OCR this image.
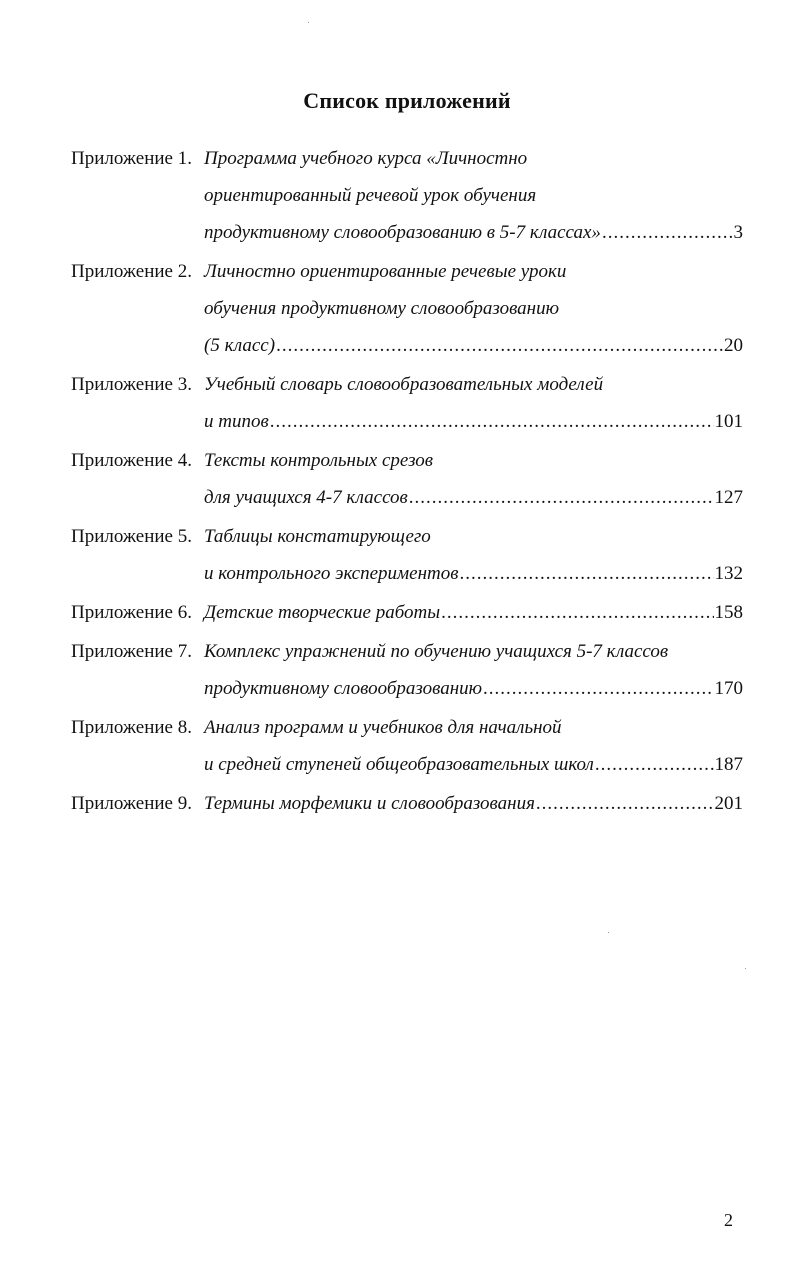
Список приложений
Приложение 1. Программа учебного курса «Личностно
ориентированный речевой урок обучения
продуктивному словообразованию в 5-7 классах» .....	3
Приложение 2. Личностно ориентированные речевые уроки
обучения продуктивному словообразованию
(5 класс) .....	20
Приложение 3. Учебный словарь словообразовательных моделей
и типов .....	101
Приложение 4. Тексты контрольных срезов
для учащихся 4-7 классов .....	127
Приложение 5. Таблицы констатирующего
и контрольного экспериментов .....	132
Приложение 6. Детские творческие работы .....	158
Приложение 7. Комплекс упражнений по обучению учащихся 5-7 классов
продуктивному словообразованию .....	170
Приложение 8. Анализ программ и учебников для начальной
и средней ступеней общеобразовательных школ .....	187
Приложение 9. Термины морфемики и словообразования .....	201
2
